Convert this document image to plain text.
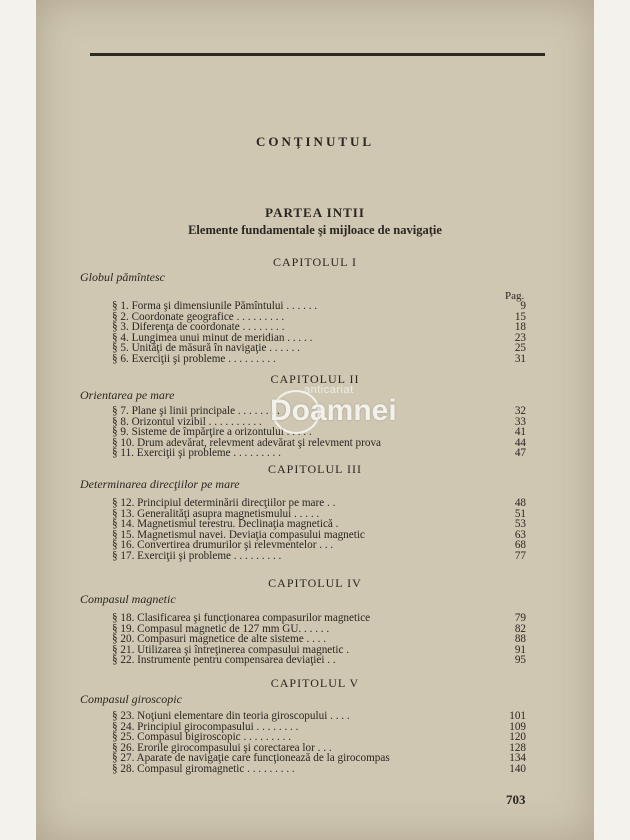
CONŢINUTUL
PARTEA INTII
Elemente fundamentale şi mijloace de navigaţie
Pag.
CAPITOLUL I
Globul pămîntesc
§ 1. Forma şi dimensiunile Pămîntului . . . . . .	9
§ 2. Coordonate geografice . . . . . . . . .	15
§ 3. Diferenţa de coordonate . . . . . . . .	18
§ 4. Lungimea unui minut de meridian . . . . .	23
§ 5. Unităţi de măsură în navigaţie . . . . . .	25
§ 6. Exerciţii şi probleme . . . . . . . . .	31
CAPITOLUL II
Orientarea pe mare
§ 7. Plane şi linii principale . . . . . . . .	32
§ 8. Orizontul vizibil . . . . . . . . . .	33
§ 9. Sisteme de împărţire a orizontului . . . . .	41
§ 10. Drum adevărat, relevment adevărat şi relevment prova	44
§ 11. Exerciţii şi probleme . . . . . . . . .	47
CAPITOLUL III
Determinarea direcţiilor pe mare
§ 12. Principiul determinării direcţiilor pe mare . .	48
§ 13. Generalităţi asupra magnetismului . . . . .	51
§ 14. Magnetismul terestru. Declinaţia magnetică .	53
§ 15. Magnetismul navei. Deviaţia compasului magnetic	63
§ 16. Convertirea drumurilor şi relevmentelor . . .	68
§ 17. Exerciţii şi probleme . . . . . . . . .	77
CAPITOLUL IV
Compasul magnetic
§ 18. Clasificarea şi funcţionarea compasurilor magnetice	79
§ 19. Compasul magnetic de 127 mm GU. . . . . .	82
§ 20. Compasuri magnetice de alte sisteme . . . .	88
§ 21. Utilizarea şi întreţinerea compasului magnetic .	91
§ 22. Instrumente pentru compensarea deviaţiei . .	95
CAPITOLUL V
Compasul giroscopic
§ 23. Noţiuni elementare din teoria giroscopului . . . .	101
§ 24. Principiul girocompasului . . . . . . . .	109
§ 25. Compasul bigiroscopic . . . . . . . . .	120
§ 26. Erorile girocompasului şi corectarea lor . . .	128
§ 27. Aparate de navigaţie care funcţionează de la girocompas	134
§ 28. Compasul giromagnetic . . . . . . . . .	140
anticariat
Doamnei
703
